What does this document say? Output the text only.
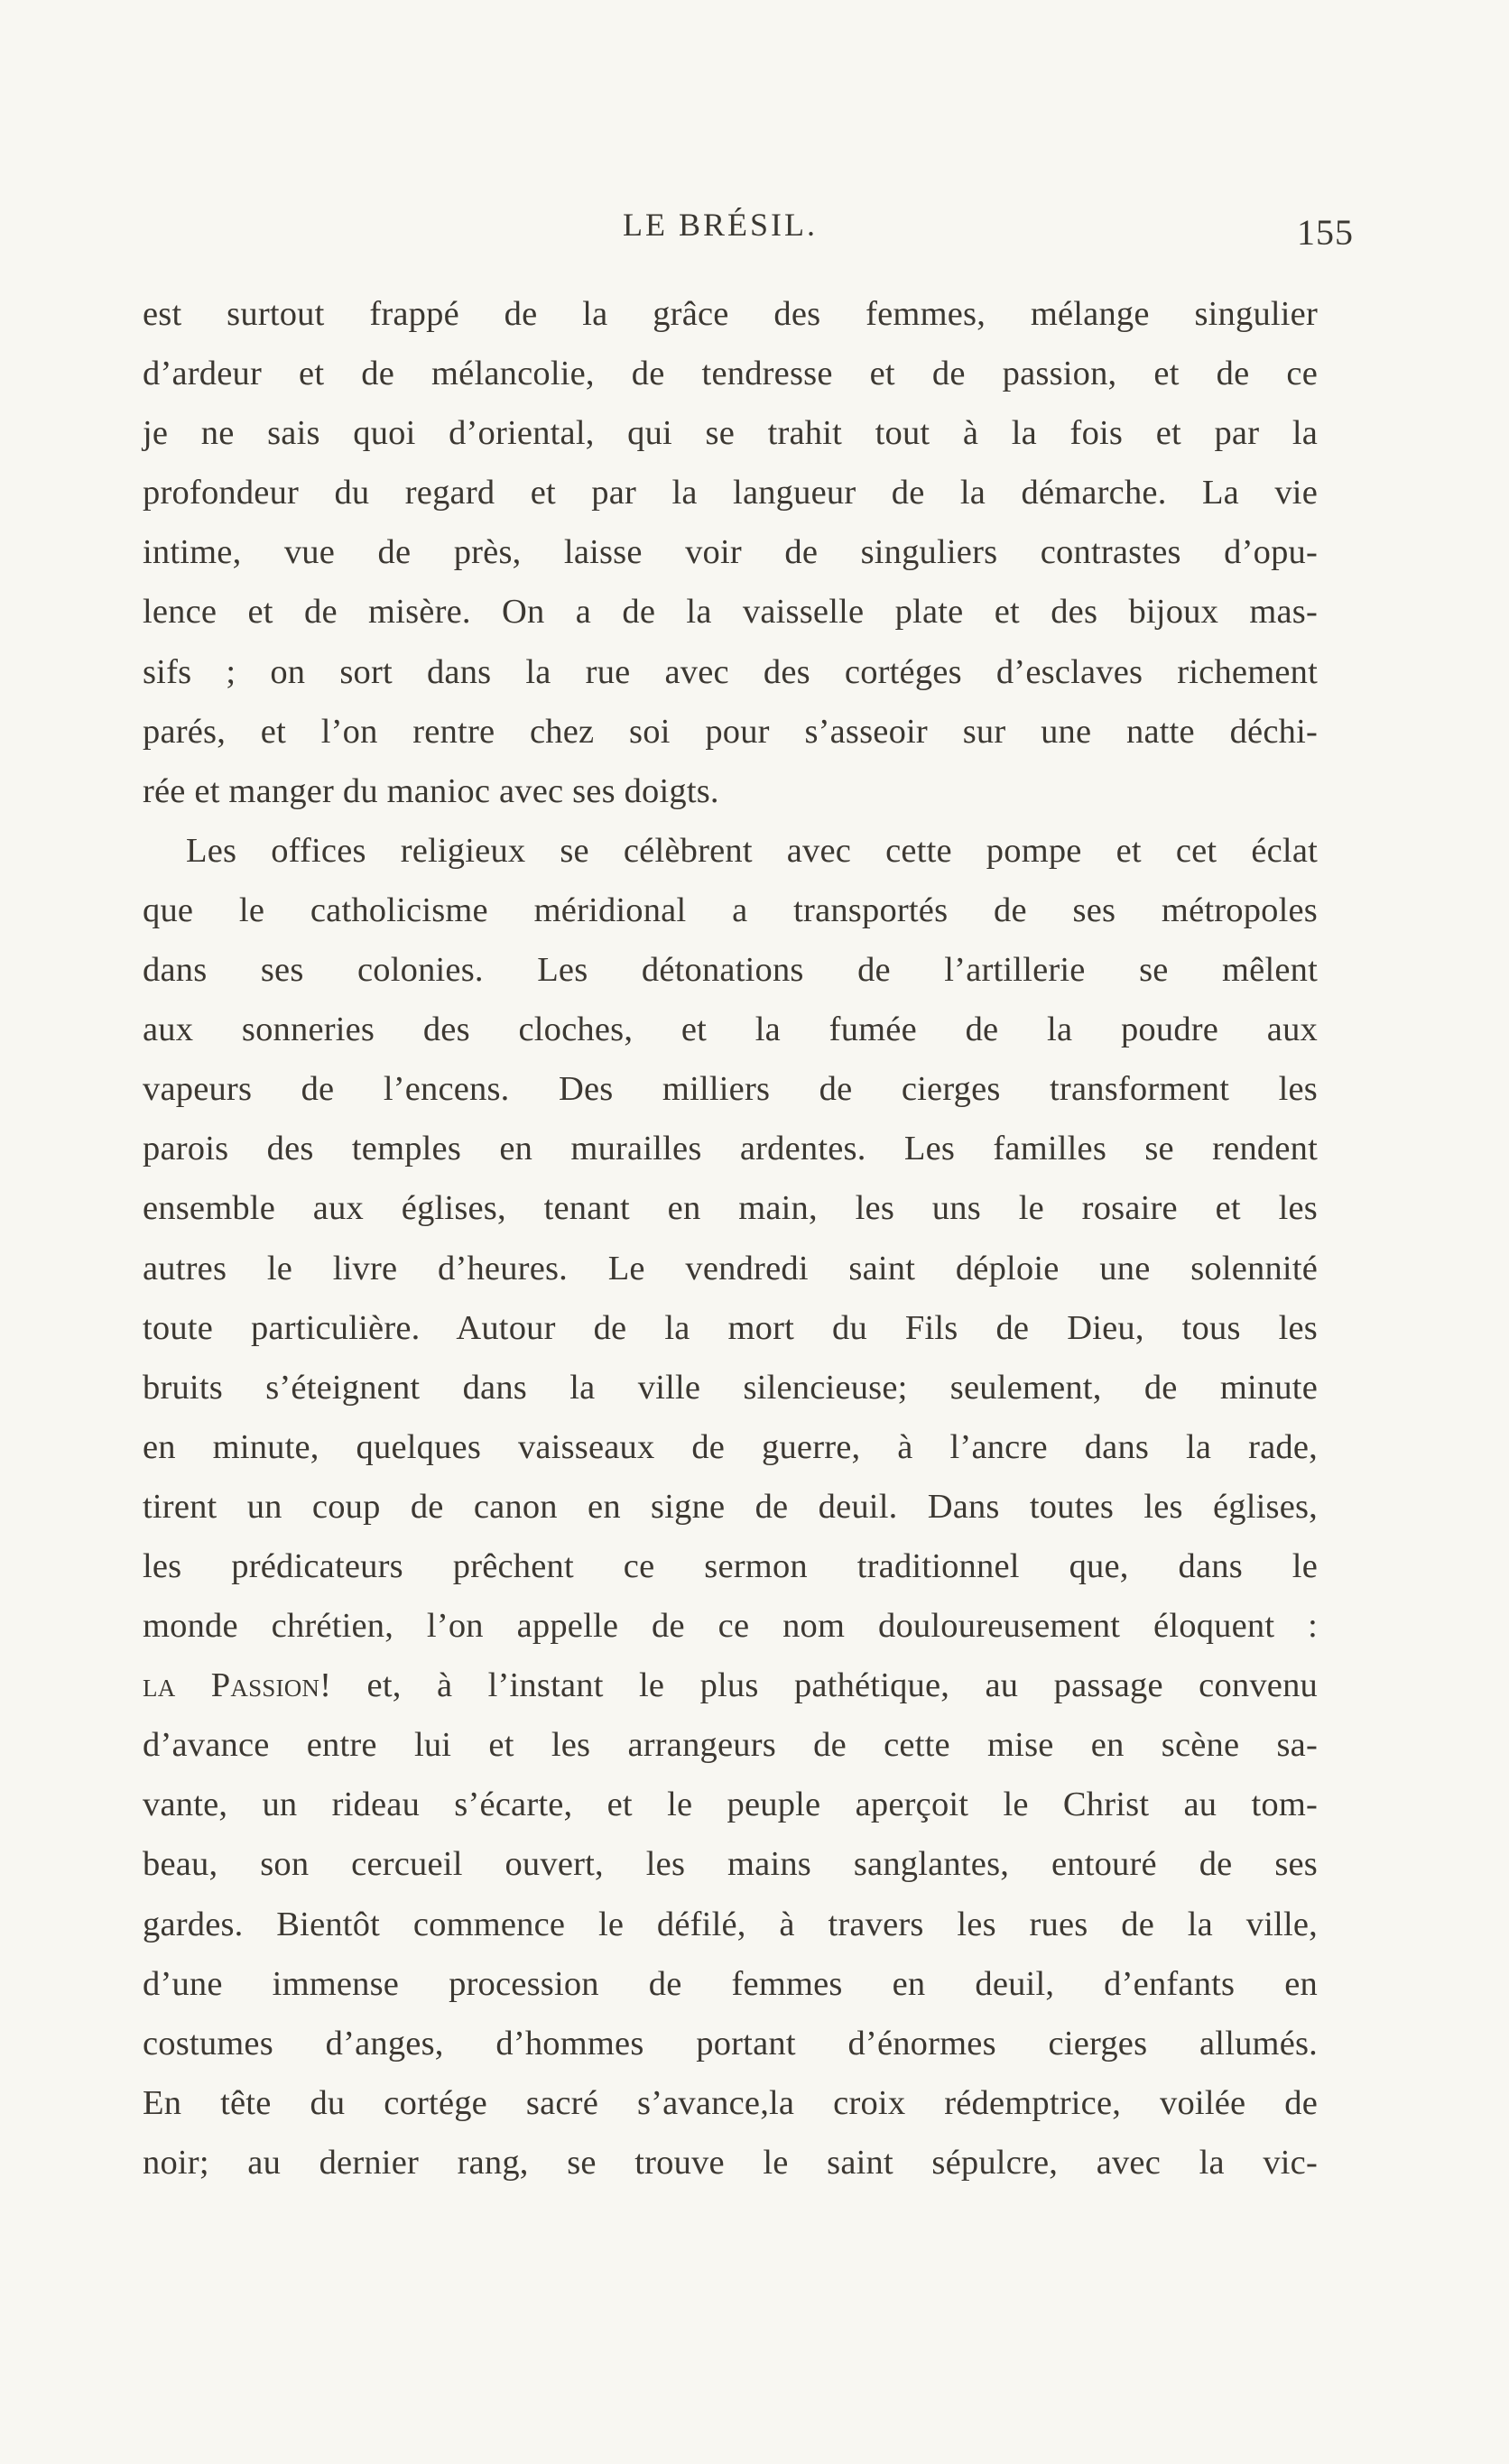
LE BRÉSIL.	155
est surtout frappé de la grâce des femmes, mélange singulier
d’ardeur et de mélancolie, de tendresse et de passion, et de ce
je ne sais quoi d’oriental, qui se trahit tout à la fois et par la
profondeur du regard et par la langueur de la démarche. La vie
intime, vue de près, laisse voir de singuliers contrastes d’opu-
lence et de misère. On a de la vaisselle plate et des bijoux mas-
sifs ; on sort dans la rue avec des cortéges d’esclaves richement
parés, et l’on rentre chez soi pour s’asseoir sur une natte déchi-
rée et manger du manioc avec ses doigts.
Les offices religieux se célèbrent avec cette pompe et cet éclat
que le catholicisme méridional a transportés de ses métropoles
dans ses colonies. Les détonations de l’artillerie se mêlent
aux sonneries des cloches, et la fumée de la poudre aux
vapeurs de l’encens. Des milliers de cierges transforment les
parois des temples en murailles ardentes. Les familles se rendent
ensemble aux églises, tenant en main, les uns le rosaire et les
autres le livre d’heures. Le vendredi saint déploie une solennité
toute particulière. Autour de la mort du Fils de Dieu, tous les
bruits s’éteignent dans la ville silencieuse; seulement, de minute
en minute, quelques vaisseaux de guerre, à l’ancre dans la rade,
tirent un coup de canon en signe de deuil. Dans toutes les églises,
les prédicateurs prêchent ce sermon traditionnel que, dans le
monde chrétien, l’on appelle de ce nom douloureusement éloquent :
la Passion! et, à l’instant le plus pathétique, au passage convenu
d’avance entre lui et les arrangeurs de cette mise en scène sa-
vante, un rideau s’écarte, et le peuple aperçoit le Christ au tom-
beau, son cercueil ouvert, les mains sanglantes, entouré de ses
gardes. Bientôt commence le défilé, à travers les rues de la ville,
d’une immense procession de femmes en deuil, d’enfants en
costumes d’anges, d’hommes portant d’énormes cierges allumés.
En tête du cortége sacré s’avance,la croix rédemptrice, voilée de
noir; au dernier rang, se trouve le saint sépulcre, avec la vic-
